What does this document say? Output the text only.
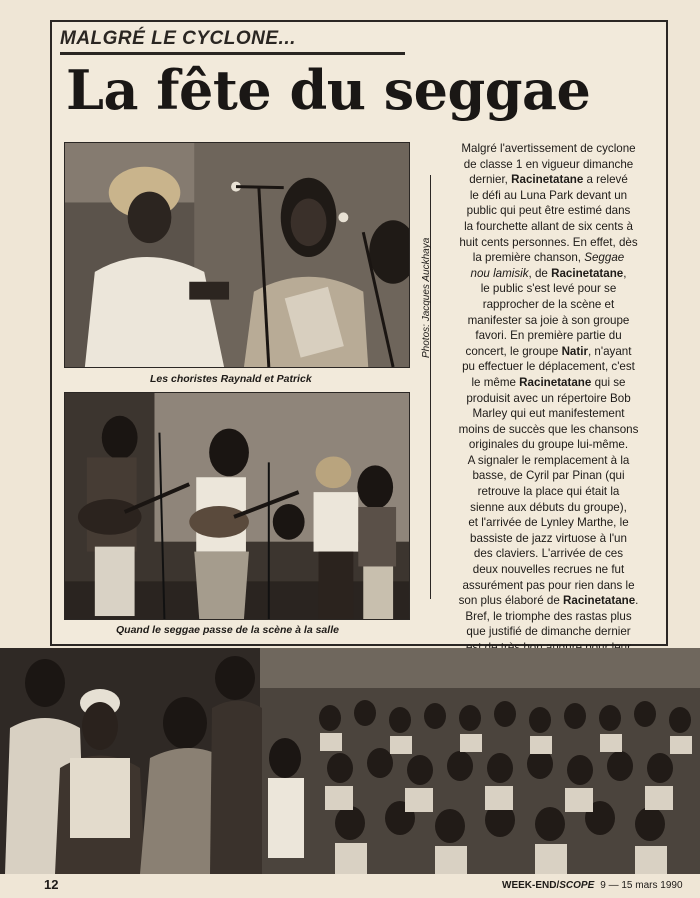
MALGRÉ LE CYCLONE...
La fête du seggae
Les choristes Raynald et Patrick
Quand le seggae passe de la scène à la salle
Photos: Jacques Auckhaya
Malgré l'avertissement de cyclone
de classe 1 en vigueur dimanche
dernier, Racinetatane a relevé
le défi au Luna Park devant un
public qui peut être estimé dans
la fourchette allant de six cents à
huit cents personnes. En effet, dès
la première chanson, Seggae
nou lamisik, de Racinetatane,
le public s'est levé pour se
rapprocher de la scène et
manifester sa joie à son groupe
favori. En première partie du
concert, le groupe Natir, n'ayant
pu effectuer le déplacement, c'est
le même Racinetatane qui se
produisit avec un répertoire Bob
Marley qui eut manifestement
moins de succès que les chansons
originales du groupe lui-même.
A signaler le remplacement à la
basse, de Cyril par Pinan (qui
retrouve la place qui était la
sienne aux débuts du groupe),
et l'arrivée de Lynley Marthe, le
bassiste de jazz virtuose à l'un
des claviers. L'arrivée de ces
deux nouvelles recrues ne fut
assurément pas pour rien dans le
son plus élaboré de Racinetatane.
Bref, le triomphe des rastas plus
que justifié de dimanche dernier
12	WEEK-END/SCOPE 9 — 15 mars 1990
